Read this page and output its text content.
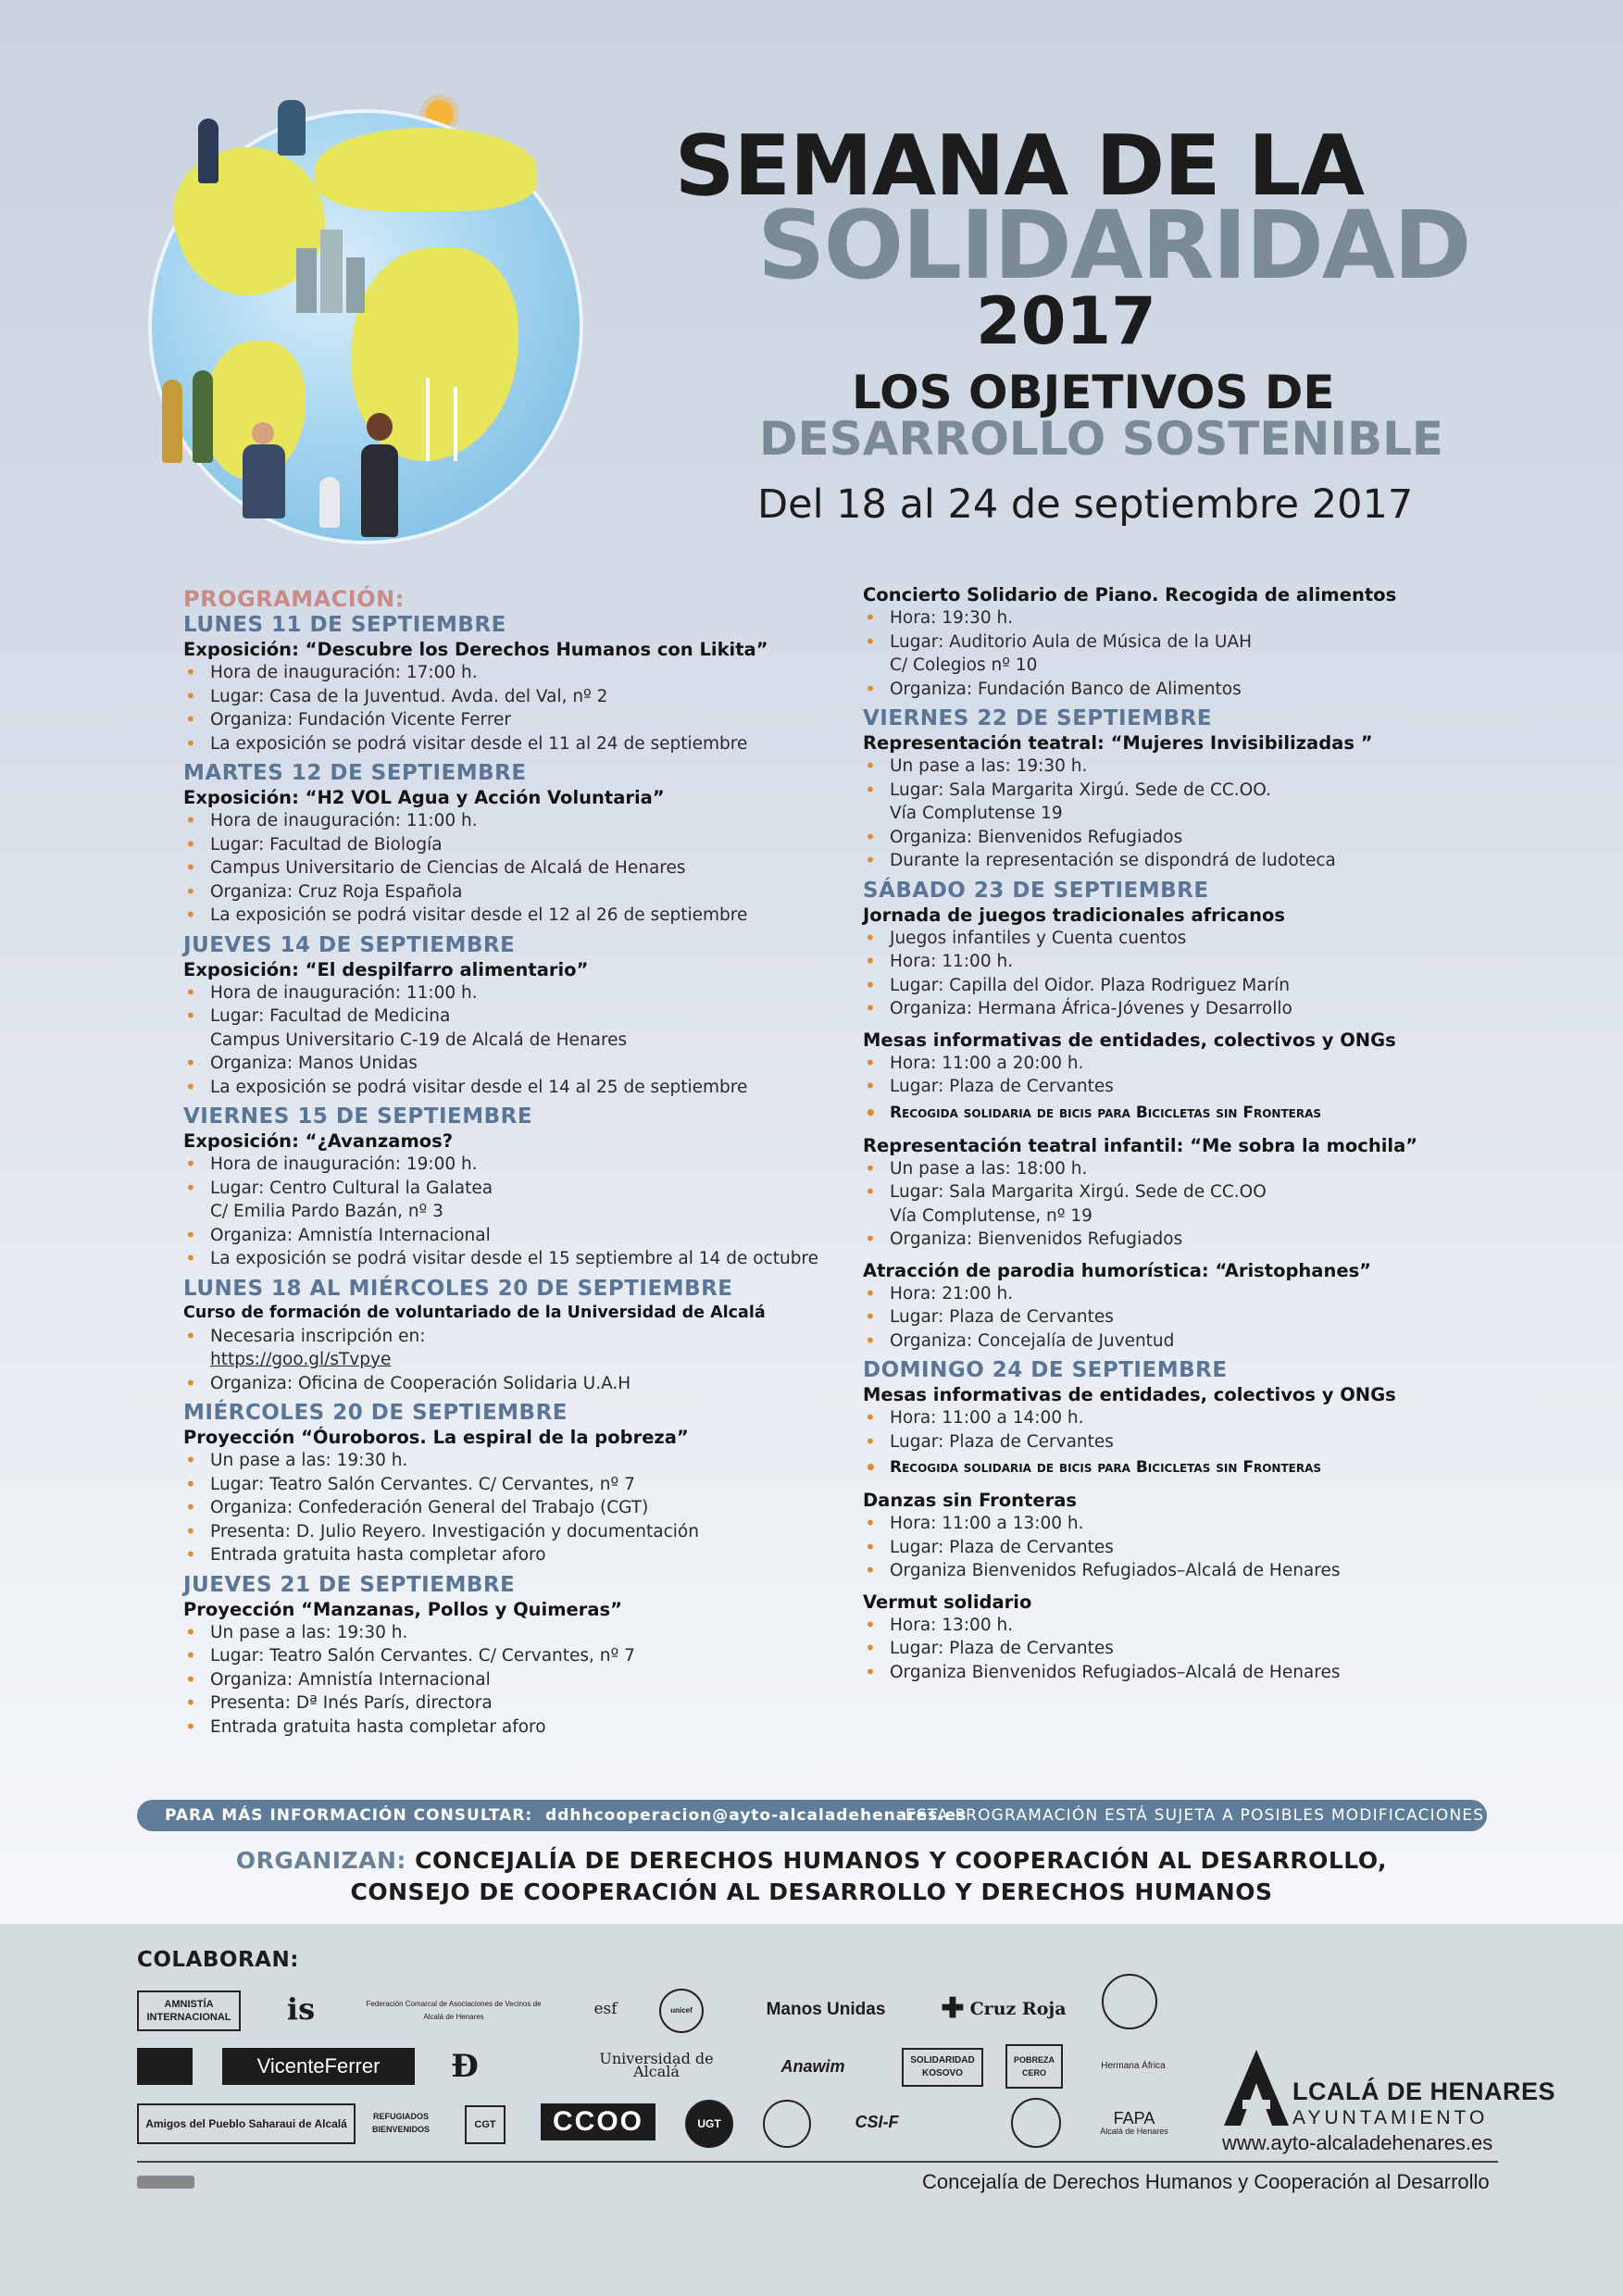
SEMANA DE LA
SOLIDARIDAD
2017
LOS OBJETIVOS DE
DESARROLLO SOSTENIBLE
Del 18 al 24 de septiembre 2017
PROGRAMACIÓN:
LUNES 11 DE SEPTIEMBRE
Exposición: “Descubre los Derechos Humanos con Likita”
• Hora de inauguración: 17:00 h.
• Lugar: Casa de la Juventud. Avda. del Val, nº 2
• Organiza: Fundación Vicente Ferrer
• La exposición se podrá visitar desde el 11 al 24 de septiembre
MARTES 12 DE SEPTIEMBRE
Exposición: “H2 VOL Agua y Acción Voluntaria”
• Hora de inauguración: 11:00 h.
• Lugar: Facultad de Biología
• Campus Universitario de Ciencias de Alcalá de Henares
• Organiza: Cruz Roja Española
• La exposición se podrá visitar desde el 12 al 26 de septiembre
JUEVES 14 DE SEPTIEMBRE
Exposición: “El despilfarro alimentario”
• Hora de inauguración: 11:00 h.
• Lugar: Facultad de Medicina
Campus Universitario C-19 de Alcalá de Henares
• Organiza: Manos Unidas
• La exposición se podrá visitar desde el 14 al 25 de septiembre
VIERNES 15 DE SEPTIEMBRE
Exposición: “¿Avanzamos?
• Hora de inauguración: 19:00 h.
• Lugar: Centro Cultural la Galatea
C/ Emilia Pardo Bazán, nº 3
• Organiza: Amnistía Internacional
• La exposición se podrá visitar desde el 15 septiembre al 14 de octubre
LUNES 18 AL MIÉRCOLES 20 DE SEPTIEMBRE
Curso de formación de voluntariado de la Universidad de Alcalá
• Necesaria inscripción en:
https://goo.gl/sTvpye
• Organiza: Oficina de Cooperación Solidaria U.A.H
MIÉRCOLES 20 DE SEPTIEMBRE
Proyección “Óuroboros. La espiral de la pobreza”
• Un pase a las: 19:30 h.
• Lugar: Teatro Salón Cervantes. C/ Cervantes, nº 7
• Organiza: Confederación General del Trabajo (CGT)
• Presenta: D. Julio Reyero. Investigación y documentación
• Entrada gratuita hasta completar aforo
JUEVES 21 DE SEPTIEMBRE
Proyección “Manzanas, Pollos y Quimeras”
• Un pase a las: 19:30 h.
• Lugar: Teatro Salón Cervantes. C/ Cervantes, nº 7
• Organiza: Amnistía Internacional
• Presenta: Dª Inés París, directora
• Entrada gratuita hasta completar aforo
Concierto Solidario de Piano. Recogida de alimentos
• Hora: 19:30 h.
• Lugar: Auditorio Aula de Música de la UAH
C/ Colegios nº 10
• Organiza: Fundación Banco de Alimentos
VIERNES 22 DE SEPTIEMBRE
Representación teatral: “Mujeres Invisibilizadas ”
• Un pase a las: 19:30 h.
• Lugar: Sala Margarita Xirgú. Sede de CC.OO.
Vía Complutense 19
• Organiza: Bienvenidos Refugiados
• Durante la representación se dispondrá de ludoteca
SÁBADO 23 DE SEPTIEMBRE
Jornada de juegos tradicionales africanos
• Juegos infantiles y Cuenta cuentos
• Hora: 11:00 h.
• Lugar: Capilla del Oidor. Plaza Rodriguez Marín
• Organiza: Hermana África-Jóvenes y Desarrollo
Mesas informativas de entidades, colectivos y ONGs
• Hora: 11:00 a 20:00 h.
• Lugar: Plaza de Cervantes
• Recogida solidaria de bicis para Bicicletas sin Fronteras
Representación teatral infantil: “Me sobra la mochila”
• Un pase a las: 18:00 h.
• Lugar: Sala Margarita Xirgú. Sede de CC.OO
Vía Complutense, nº 19
• Organiza: Bienvenidos Refugiados
Atracción de parodia humorística: “Aristophanes”
• Hora: 21:00 h.
• Lugar: Plaza de Cervantes
• Organiza: Concejalía de Juventud
DOMINGO 24 DE SEPTIEMBRE
Mesas informativas de entidades, colectivos y ONGs
• Hora: 11:00 a 14:00 h.
• Lugar: Plaza de Cervantes
• Recogida solidaria de bicis para Bicicletas sin Fronteras
Danzas sin Fronteras
• Hora: 11:00 a 13:00 h.
• Lugar: Plaza de Cervantes
• Organiza Bienvenidos Refugiados–Alcalá de Henares
Vermut solidario
• Hora: 13:00 h.
• Lugar: Plaza de Cervantes
• Organiza Bienvenidos Refugiados–Alcalá de Henares
PARA MÁS INFORMACIÓN CONSULTAR: ddhhcooperacion@ayto-alcaladehenares.es
ESTA PROGRAMACIÓN ESTÁ SUJETA A POSIBLES MODIFICACIONES
ORGANIZAN: CONCEJALÍA DE DERECHOS HUMANOS Y COOPERACIÓN AL DESARROLLO,
CONSEJO DE COOPERACIÓN AL DESARROLLO Y DERECHOS HUMANOS
COLABORAN:
AMNISTÍA INTERNACIONAL	is	Federación Comarcal de Asociaciones de Vecinos de Alcalá de Henares	esf	unicef	Manos Unidas	✚ Cruz Roja
VicenteFerrer	Ð	Universidad de Alcalá	Anawim	SOLIDARIDAD KOSOVO
POBREZA CERO
Hermana África
Amigos del Pueblo Saharaui de Alcalá
REFUGIADOS BIENVENIDOS	CGT	CCOO	UGT	CSI-F	FAPA
Alcalá de Henares
LCALÁ DE HENARES
AYUNTAMIENTO
www.ayto-alcaladehenares.es
Concejalía de Derechos Humanos y Cooperación al Desarrollo
